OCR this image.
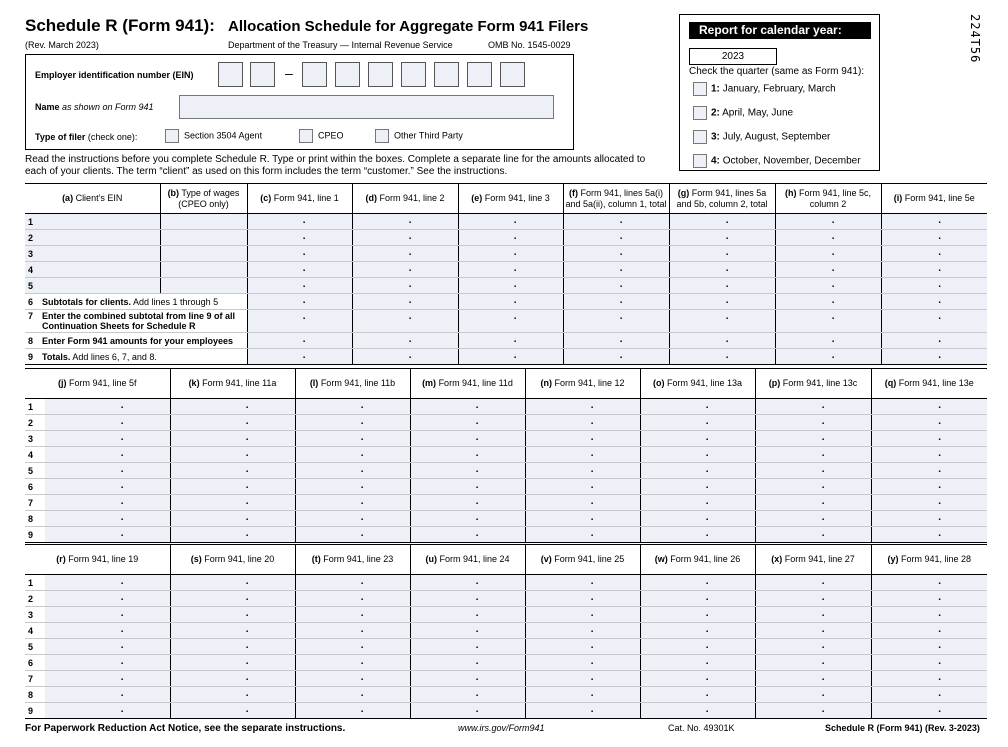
Schedule R (Form 941): Allocation Schedule for Aggregate Form 941 Filers
(Rev. March 2023)	Department of the Treasury — Internal Revenue Service	OMB No. 1545-0029	224T56
Report for calendar year:
2023
Check the quarter (same as Form 941):
1: January, February, March
2: April, May, June
3: July, August, September
4: October, November, December
Employer identification number (EIN)	–
Name as shown on Form 941
Type of filer (check one):	Section 3504 Agent	CPEO	Other Third Party
Read the instructions before you complete Schedule R. Type or print within the boxes. Complete a separate line for the amounts allocated to each of your clients. The term “client” as used on this form includes the term “customer.” See the instructions.
(a) Client’s EIN	(b) Type of wages (CPEO only)	(c) Form 941, line 1	(d) Form 941, line 2	(e) Form 941, line 3	(f) Form 941, lines 5a(i) and 5a(ii), column 1, total	(g) Form 941, lines 5a and 5b, column 2, total	(h) Form 941, line 5c, column 2	(i) Form 941, line 5e
1		.	.	.	.	.	.	.

2		.	.	.	.	.	.	.

3		.	.	.	.	.	.	.

4		.	.	.	.	.	.	.

5		.	.	.	.	.	.	.

6 Subtotals for clients. Add lines 1 through 5		.	.	.	.	.	.	.

7 Enter the combined subtotal from line 9 of all Continuation Sheets for Schedule R		.	.	.	.	.	.	.

8 Enter Form 941 amounts for your employees		.	.	.	.	.	.	.

9 Totals. Add lines 6, 7, and 8.		.	.	.	.	.	.	.
(j) Form 941, line 5f		(k) Form 941, line 11a	(l) Form 941, line 11b	(m) Form 941, line 11d	(n) Form 941, line 12	(o) Form 941, line 13a	(p) Form 941, line 13c	(q) Form 941, line 13e
1	.	.	.	.	.	.	.	.

2	.	.	.	.	.	.	.	.

3	.	.	.	.	.	.	.	.

4	.	.	.	.	.	.	.	.

5	.	.	.	.	.	.	.	.

6	.	.	.	.	.	.	.	.

7	.	.	.	.	.	.	.	.

8	.	.	.	.	.	.	.	.

9	.	.	.	.	.	.	.	.
(r) Form 941, line 19		(s) Form 941, line 20	(t) Form 941, line 23	(u) Form 941, line 24	(v) Form 941, line 25	(w) Form 941, line 26	(x) Form 941, line 27	(y) Form 941, line 28
1	.	.	.	.	.	.	.	.

2	.	.	.	.	.	.	.	.

3	.	.	.	.	.	.	.	.

4	.	.	.	.	.	.	.	.

5	.	.	.	.	.	.	.	.

6	.	.	.	.	.	.	.	.

7	.	.	.	.	.	.	.	.

8	.	.	.	.	.	.	.	.

9	.	.	.	.	.	.	.	.
For Paperwork Reduction Act Notice, see the separate instructions.	www.irs.gov/Form941	Cat. No. 49301K	Schedule R (Form 941) (Rev. 3-2023)
